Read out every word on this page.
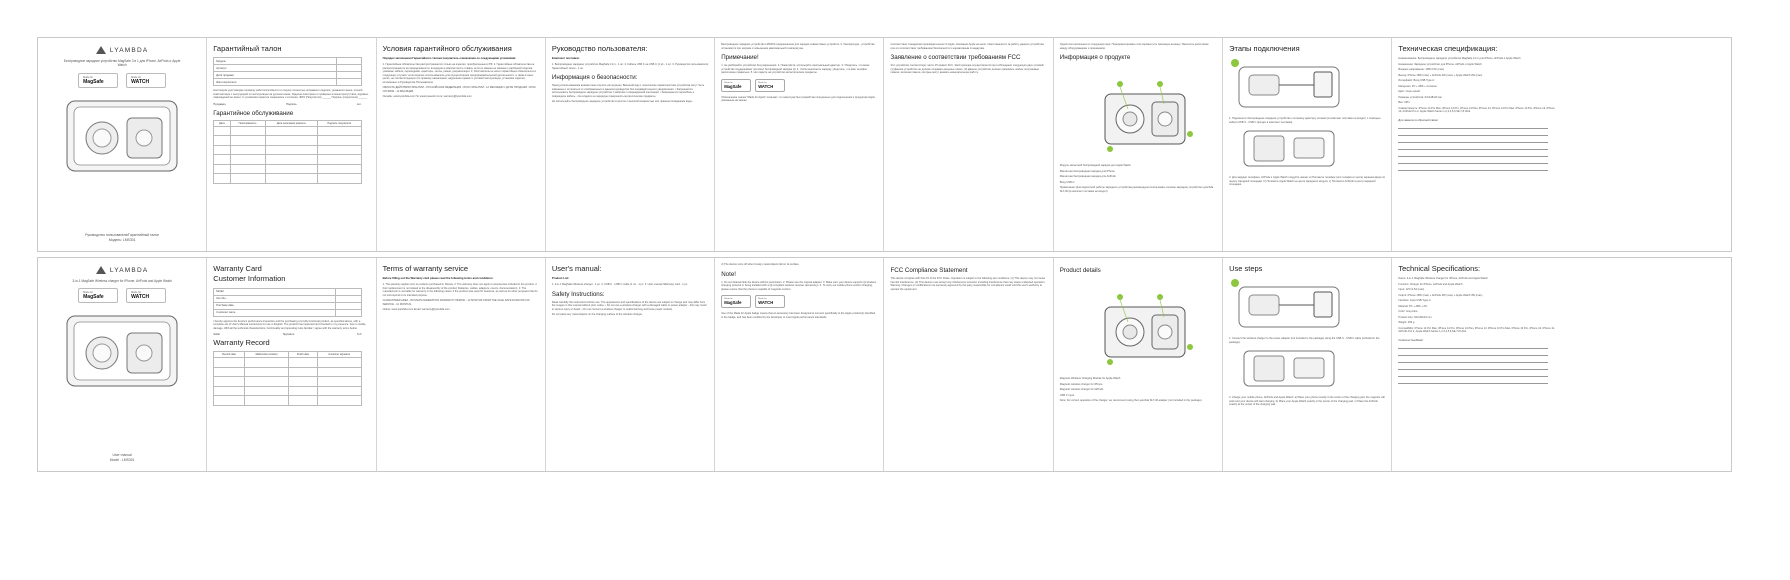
LYAMBDA
Беспроводное зарядное устройство MagSafe 3 в 1 для iPhone, AirPods и Apple Watch
Made for
MagSafe
Made for
WATCH
Руководство пользователя/Гарантийный талон
Модель: LMS301
Гарантийный талон
Модель	
Артикул	
Дата продажи	
Имя покупателя	
Настоящим удостоверяю проверку работоспособности и покупку полностью исправного изделия, указанного выше, полной комплектации с инструкцией по эксплуатации на русском языке. Изделие осмотрено и проверено в моем присутствии, видимых повреждений не имеет. С условиями гарантии ознакомлен и согласен. ФИО (Покупателя) ______ Подпись (покупателя) ______
Продавец	Подпись	м.п.
Гарантийное обслуживание
Дата	Неисправность	Дата окончания ремонта	Подпись покупателя

Условия гарантийного обслуживания
Порядок заполнения Гарантийного талона покупатель ознакомлен со следующими условиями:
1. Гарантийные обязательства распространяются только на изделия, приобретенные в РФ. 2. Гарантийные обязательства не распространяются на принадлежности, входящие в комплектность товара, если их замена не связана с разборкой изделия: упаковка, кабели, переходники, адаптеры, чехлы, ремни, документация. 3. Изготовитель не несет гарантийных обязательств в следующих случаях: если изделие использовалось для осуществления предпринимательской деятельности, а также в иных целях, не соответствующих его прямому назначению; нарушения правил и условий эксплуатации, установки изделия, изложенных в Руководстве Пользователя.
ОБЛАСТЬ ДЕЙСТВИЯ ГАРАНТИИ - РОССИЙСКАЯ ФЕДЕРАЦИЯ. СРОК ГАРАНТИИ - 12 МЕСЯЦЕВ С ДАТЫ ПРОДАЖИ. СРОК СЛУЖБЫ - 12 МЕСЯЦЕВ.
Онлайн: www.lyambda.com По электронной почте: warranty@lyambda.com
Руководство пользователя:
Комплект поставки:
1. Беспроводное зарядное устройство MagSafe 3 в 1 - 1 шт. 2. Кабель USB C на USB C (1 м) - 1 шт. 3. Руководство пользователя/Гарантийный талон - 1 шт.
Информация о безопасности:
Перед использованием внимательно изучите инструкцию. Внешний вид и технические характеристики устройства могут быть изменены и отличаться от изображенных в данном руководстве без предварительного уведомления. • Запрещается использовать беспроводное зарядное устройство с кабелем с поврежденной изоляцией. • Запрещается перегибать и повреждать кабель. • Не кладите на зарядную поверхность металлические предметы.
Не используйте беспроводное зарядное устройство в местах с высокой влажностью или прямым попаданием воды.
Беспроводное зарядное устройство LMS301 предназначено для зарядки совместимых устройств. 3. Температура - устройство остановится при нагреве и повышении максимальной температуры.
Примечание!
1. Не разбирайте устройство без разрешения. 2. Пожалуйста, используйте оригинальный адаптер. 3. Убедитесь, что ваше устройство поддерживает протокол беспроводной зарядки Qi. 4. Чтобы выполнить зарядку, убедитесь, что ваш телефон расположен правильно. 5. Не кладите на устройство металлические предметы.
Made for
MagSafe
Made for
WATCH
Обозначение значка "Made for Apple" означает, что аксессуар был разработан специально для подключения к продуктам Apple, указанным на значке.
Соответствие стандартам производительности Apple. Компания Apple не несет ответственности за работу данного устройства или его соответствие требованиям безопасности и нормативным стандартам.
Заявление о соответствии требованиям FCC
Это устройство соответствует части 15 правил FCC. Эксплуатация осуществляется при соблюдении следующих двух условий: (1) Данное устройство не должно создавать вредных помех. (2) Данное устройство должно принимать любые получаемые помехи, включая помехи, которые могут вызвать нежелательную работу.
Одной или нескольких из следующих мер: Переориентировать или переместить приемную антенну. Увеличить расстояние между оборудованием и приемником.
Информация о продукте
Модуль магнитной беспроводной зарядки для Apple Watch
Магнитная беспроводная зарядка для iPhone
Магнитная беспроводная зарядка для AirPods
Вход USB-C
Примечание: Для корректной работы зарядного устройства рекомендуем использовать сетевое зарядное устройство Lyambda SLT-30 (в комплект поставки не входит).
Этапы подключения
1. Подключите беспроводное зарядное устройство к сетевому адаптеру питания (в комплект поставки не входит) с помощью кабеля USB C - USB C (входит в комплект поставки).
2. Для зарядки телефона, AirPods и Apple Watch следуйте шагам: a) Положите телефон (или телефон в чехле) экраном вверх по центру зарядной площадки. b) Положите Apple Watch на центр зарядного модуля. c) Положите AirPods в центр зарядной площадки.
Техническая спецификация:
Наименование: Беспроводное зарядное устройство MagSafe 3 в 1 для iPhone, AirPods и Apple Watch
Назначение: Зарядное устройство для iPhone, AirPods и Apple Watch
Входное напряжение: 12В=2.5А (max)
Выход: iPhone 15W (max) + AirPods 3W (max) + Apple Watch 3W (max)
Интерфейс: Вход USB Type-C
Материал: PC + ABS + Силикон
Цвет: Серо-синий
Размеры устройства: 94x148x23 мм
Вес: 205 г
Совместимость: iPhone 14 Pro Max, iPhone 14 Pro, iPhone 14 Plus, iPhone 14, iPhone 13 Pro Max, iPhone 13 Pro, iPhone 13, iPhone 12, AirPods Pro 2, Apple Watch Series 1,2,3,4,5,6,SE,7,8,Ultra
Для заметок в обратной связи:
LYAMBDA
3-in-1 MagSafe Wireless charger for iPhone, AirPods and Apple Watch
Made for
MagSafe
Made for
WATCH
User manual
Model : LMS301
Warranty Card
Customer Information
Model	
Item No.	
Purchase date	
Customer name	
I hereby approve the device's performance inspection and the purchasing of a fully functional product, as specified above, with a complete set of User's Manual instructions for use in English. The product has inspected and checked in my presence, has no visible damage. With all the technical characteristics, functionality and operating rules familiar. I agree with the warranty terms below.
Seller	Signature	S.P.
Warranty Record
Record date	Malfunction solution	Finish date	Customer signature

Terms of warranty service
Before filling out the Warranty card please read the following terms and conditions:
1. The warranty applies only to products purchased in Russia. 2. The warranty does not apply to accessories included in the product, if their replacement is not related to the disassembly of the product (batteries, cables, adapters, covers, documentation). 3. The manufacturer is not liable for warranty in the following cases: if the product was used for business, as well as for other purposes that do not correspond to its intended purpose.
GUARANTEED AREA - RUSSIAN FEDERATION WARRANTY PERIOD - 12 MONTHS FROM THE SALE DATE DURATION OF SERVICE - 12 MONTHS.
Online: www.lyambda.com Email: warranty@lyambda.com
User's manual:
Product List:
1. 3-in-1 MagSafe Wireless charger - 1 pc. 2. USB C - USB C cable (1 m) - 1 pc. 3. User manual /Warranty card - 1 pc.
Safety Instructions:
Read carefully the instructions before use. The appearance and specifications of the device are subject to change and may differ from the images in this manual without prior notice. • Do not use a wireless charger with a damaged cable or power adapter - this may result in serious injury or death. • Do not connect a wireless charger to malfunctioning and loose power sockets.
Do not place any metal objects on the charging surface of the wireless charger.
2) The device turns off when foreign metal objects fall on its surface.
Note!
1. Do not disassemble the device without permission. 2. Please use the original adapter. 3. Make sure your device supports Qi wireless charging protocol or being installed with a Qi-compliant wireless receiver (accessory). 4. To carry out mobile phone suction charging, please ensure that the phone is capable of magnetic suction.
Made for
MagSafe
Made for
WATCH
Use of the Made for Apple badge means that an accessory has been designed to connect specifically to the Apple product(s) identified in the badge, and has been certified by the developer to meet Apple performance standards.
FCC Compliance Statement
This device complies with Part 15 of the FCC Rules. Operation is subject to the following two conditions: (1) This device may not cause harmful interference. (2) This device must accept any interference received, including interference that may cause undesired operation. Warning: Changes or modifications not expressly approved by the party responsible for compliance could void the user's authority to operate the equipment.
Product details
Magnetic Wireless Charging Module for Apple Watch
Magnetic wireless charger for iPhone
Magnetic wireless charger for AirPods
USB C input
Note: For correct operation of the charger, we recommend using the Lyambda SLT-30 adapter (not included in the package).
Use steps
1. Connect the wireless charger to the power adapter (not included in the package) using the USB C - USB C cable (included in the package).
2. Charge your mobile phone, AirPods and Apple Watch: a) Place your phone exactly in the center of the charging pad, the magnets will work and your device will start charging. b) Place your Apple Watch exactly in the center of the charging pad. c) Place the AirPods exactly at the center of the charging pad.
Technical Specifications:
Name: 3-in-1 MagSafe Wireless charger for iPhone, AirPods and Apple Watch
Function: Charger for iPhone, AirPods and Apple Watch
Input: 12V=2.5A (max)
Output: iPhone 15W (max) + AirPods 3W (max) + Apple Watch 3W (max)
Interface: Input USB Type-C
Material: PC + ABS + PU
Color: Grey-blue
Product size: 94x148x23 mm
Weight: 205 g
Compatibility: iPhone 14 Pro Max, iPhone 14 Pro, iPhone 14 Plus, iPhone 14, iPhone 13 Pro Max, iPhone 13 Pro, iPhone 13, iPhone 12, AirPods Pro 2, Apple Watch Series 1,2,3,4,5,6,SE,7,8,Ultra
Customer feedback:
